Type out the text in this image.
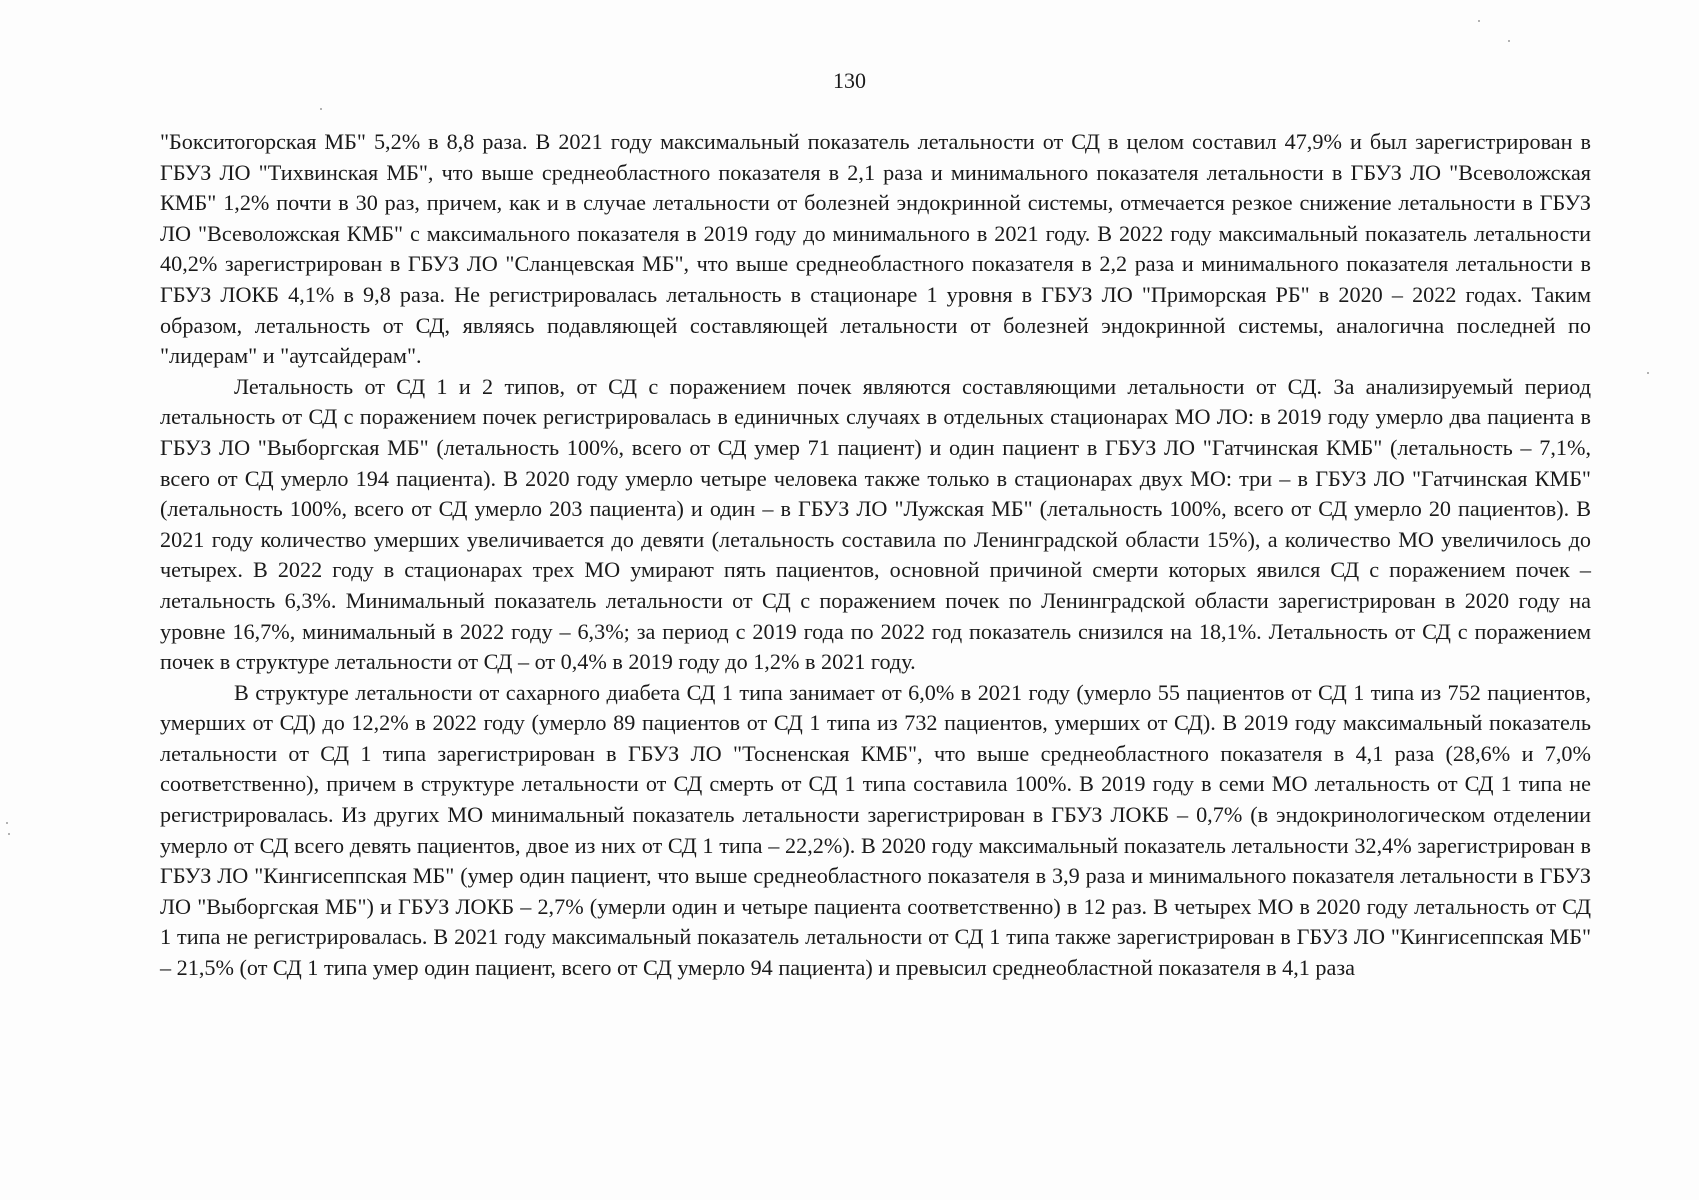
130

"Бокситогорская МБ" 5,2% в 8,8 раза. В 2021 году максимальный показатель летальности от СД в целом составил 47,9% и был зарегистрирован в ГБУЗ ЛО "Тихвинская МБ", что выше среднеобластного показателя в 2,1 раза и минимального показателя летальности в ГБУЗ ЛО "Всеволожская КМБ" 1,2% почти в 30 раз, причем, как и в случае летальности от болезней эндокринной системы, отмечается резкое снижение летальности в ГБУЗ ЛО "Всеволожская КМБ" с максимального показателя в 2019 году до минимального в 2021 году. В 2022 году максимальный показатель летальности 40,2% зарегистрирован в ГБУЗ ЛО "Сланцевская МБ", что выше среднеобластного показателя в 2,2 раза и минимального показателя летальности в ГБУЗ ЛОКБ 4,1% в 9,8 раза. Не регистрировалась летальность в стационаре 1 уровня в ГБУЗ ЛО "Приморская РБ" в 2020 – 2022 годах. Таким образом, летальность от СД, являясь подавляющей составляющей летальности от болезней эндокринной системы, аналогична последней по "лидерам" и "аутсайдерам".

Летальность от СД 1 и 2 типов, от СД с поражением почек являются составляющими летальности от СД. За анализируемый период летальность от СД с поражением почек регистрировалась в единичных случаях в отдельных стационарах МО ЛО: в 2019 году умерло два пациента в ГБУЗ ЛО "Выборгская МБ" (летальность 100%, всего от СД умер 71 пациент) и один пациент в ГБУЗ ЛО "Гатчинская КМБ" (летальность – 7,1%, всего от СД умерло 194 пациента). В 2020 году умерло четыре человека также только в стационарах двух МО: три – в ГБУЗ ЛО "Гатчинская КМБ" (летальность 100%, всего от СД умерло 203 пациента) и один – в ГБУЗ ЛО "Лужская МБ" (летальность 100%, всего от СД умерло 20 пациентов). В 2021 году количество умерших увеличивается до девяти (летальность составила по Ленинградской области 15%), а количество МО увеличилось до четырех. В 2022 году в стационарах трех МО умирают пять пациентов, основной причиной смерти которых явился СД с поражением почек – летальность 6,3%. Минимальный показатель летальности от СД с поражением почек по Ленинградской области зарегистрирован в 2020 году на уровне 16,7%, минимальный в 2022 году – 6,3%; за период с 2019 года по 2022 год показатель снизился на 18,1%. Летальность от СД с поражением почек в структуре летальности от СД – от 0,4% в 2019 году до 1,2% в 2021 году.

В структуре летальности от сахарного диабета СД 1 типа занимает от 6,0% в 2021 году (умерло 55 пациентов от СД 1 типа из 752 пациентов, умерших от СД) до 12,2% в 2022 году (умерло 89 пациентов от СД 1 типа из 732 пациентов, умерших от СД). В 2019 году максимальный показатель летальности от СД 1 типа зарегистрирован в ГБУЗ ЛО "Тосненская КМБ", что выше среднеобластного показателя в 4,1 раза (28,6% и 7,0% соответственно), причем в структуре летальности от СД смерть от СД 1 типа составила 100%. В 2019 году в семи МО летальность от СД 1 типа не регистрировалась. Из других МО минимальный показатель летальности зарегистрирован в ГБУЗ ЛОКБ – 0,7% (в эндокринологическом отделении умерло от СД всего девять пациентов, двое из них от СД 1 типа – 22,2%). В 2020 году максимальный показатель летальности 32,4% зарегистрирован в ГБУЗ ЛО "Кингисеппская МБ" (умер один пациент, что выше среднеобластного показателя в 3,9 раза и минимального показателя летальности в ГБУЗ ЛО "Выборгская МБ") и ГБУЗ ЛОКБ – 2,7% (умерли один и четыре пациента соответственно) в 12 раз. В четырех МО в 2020 году летальность от СД 1 типа не регистрировалась. В 2021 году максимальный показатель летальности от СД 1 типа также зарегистрирован в ГБУЗ ЛО "Кингисеппская МБ" – 21,5% (от СД 1 типа умер один пациент, всего от СД умерло 94 пациента) и превысил среднеобластной показателя в 4,1 раза
